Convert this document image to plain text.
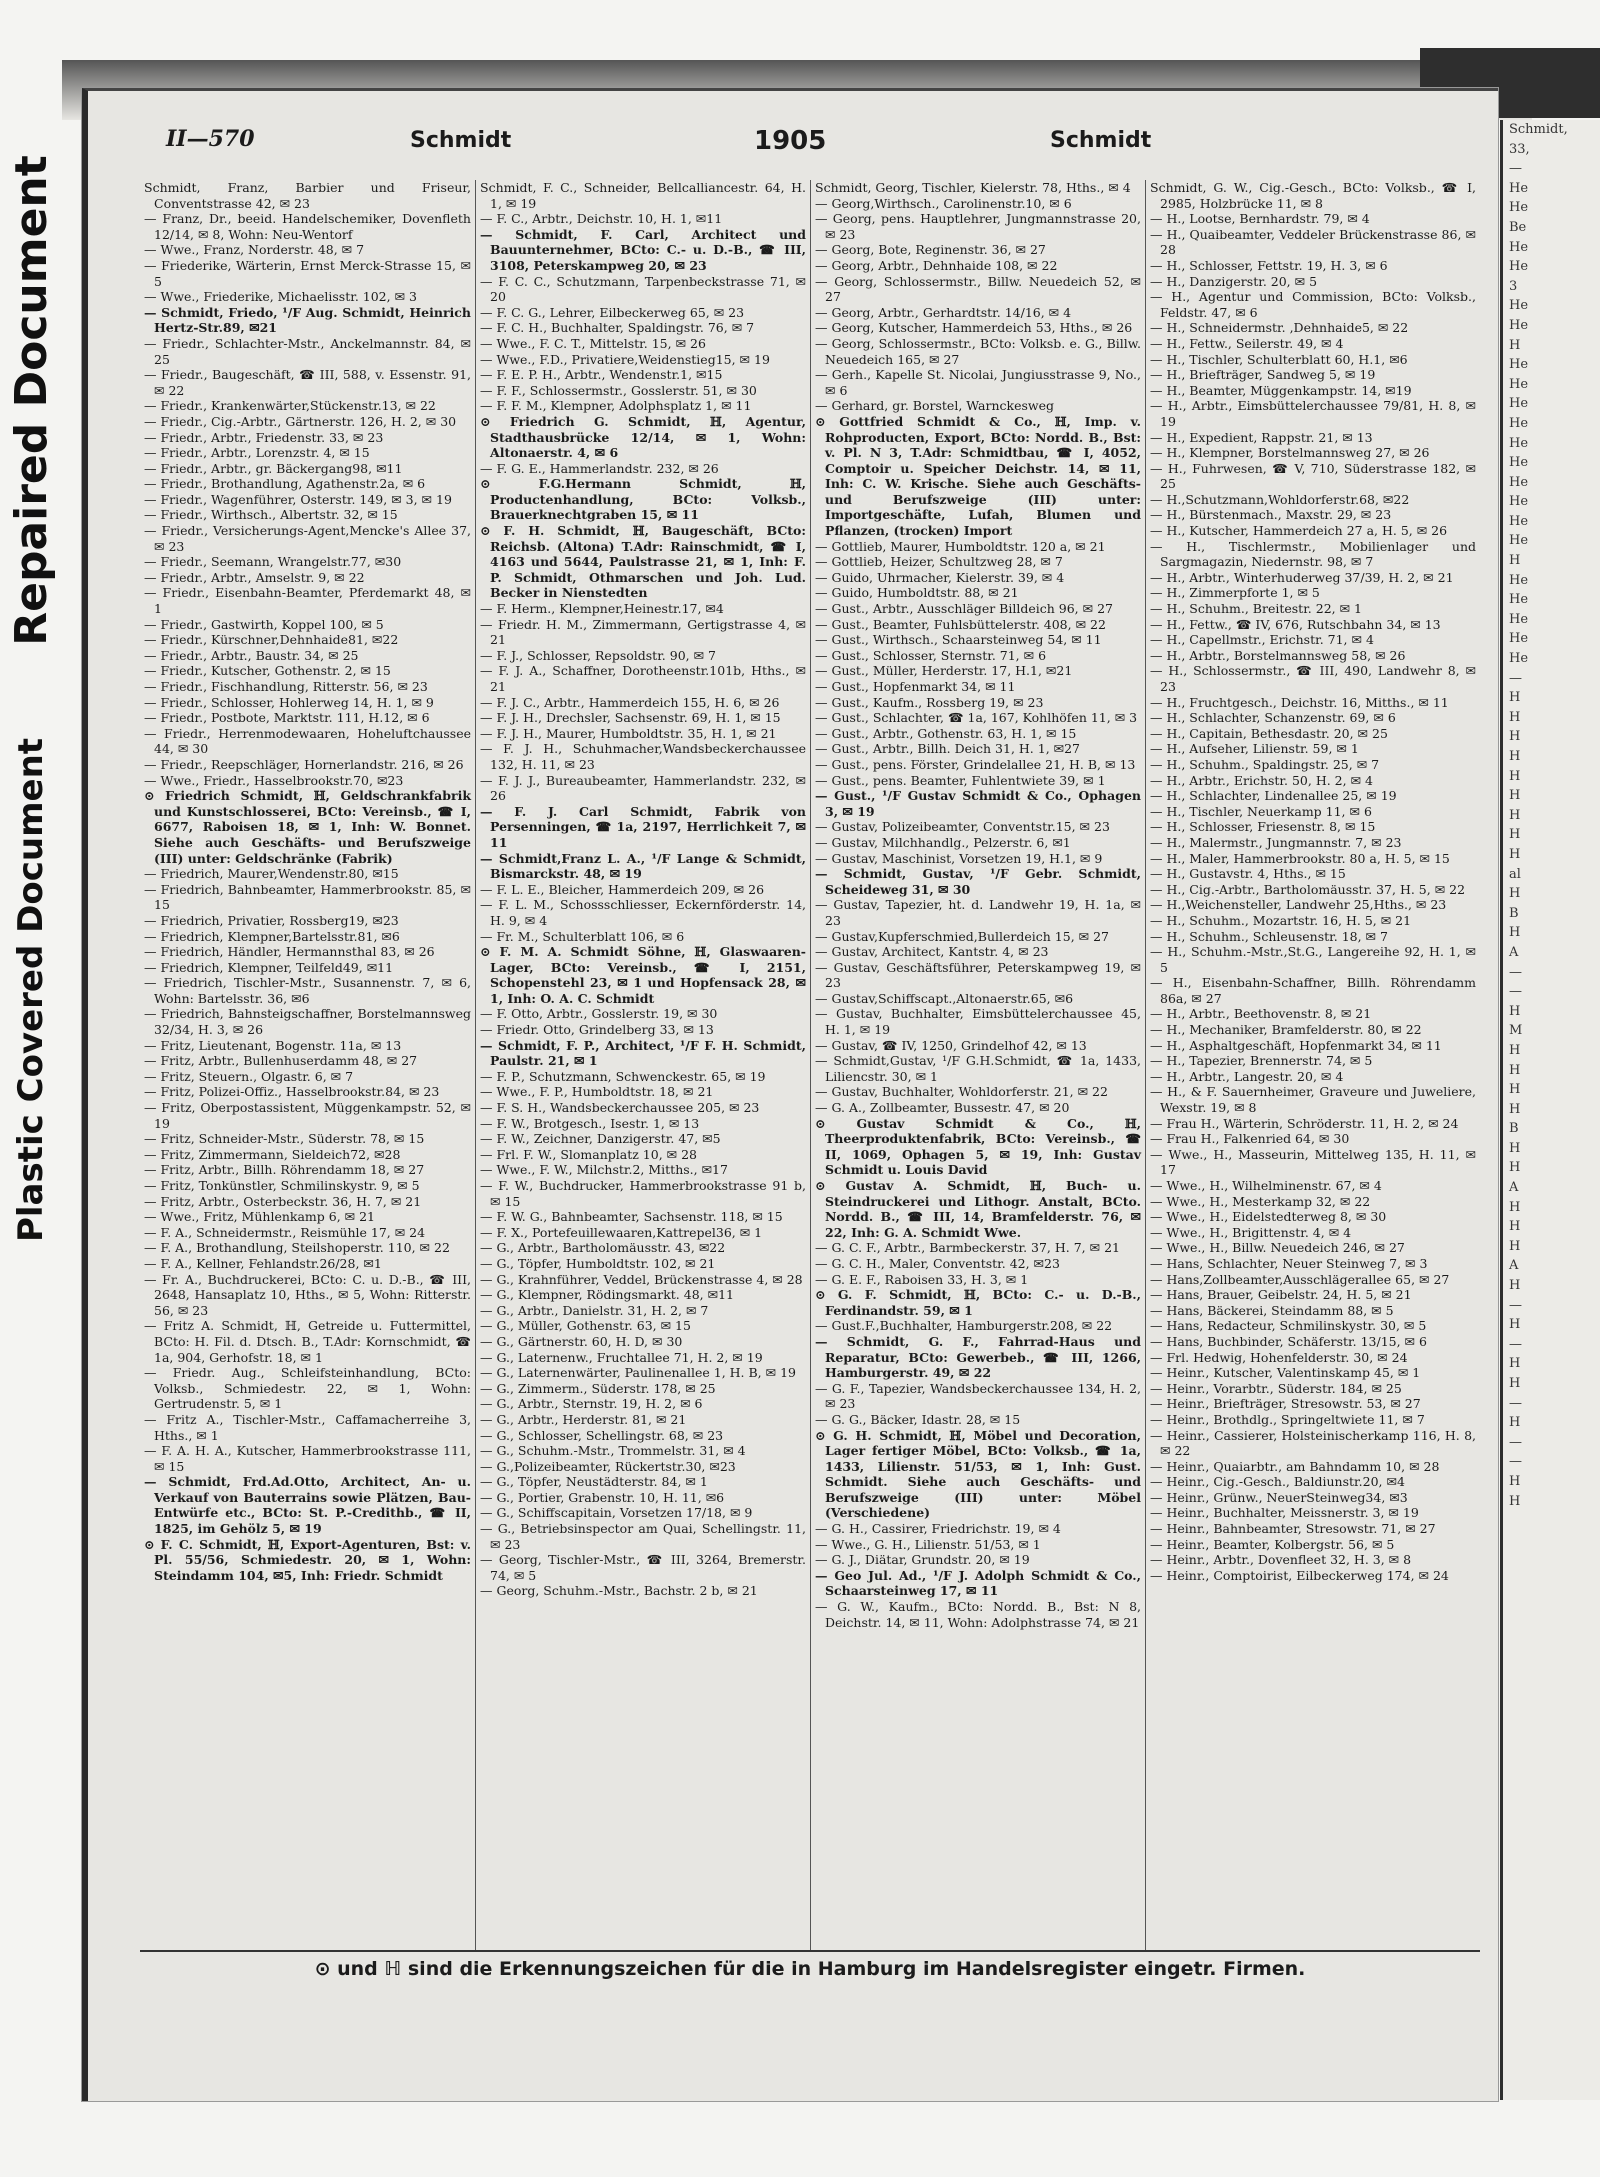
Repaired Document
Plastic Covered Document
Schmidt,
33,
—
He
He
Be
He
He
3
He
He
H
He
He
He
He
He
He
He
He
He
He
H
He
He
He
He
He
—
H
H
H
H
H
H
H
H
H
al
H
B
H
A
—
—
H
M
H
H
H
H
B
H
H
A
H
H
H
A
H
—
H
—
H
H
—
H
—
—
H
H
II—570	Schmidt	1905	Schmidt
Schmidt, Franz, Barbier und Friseur, Conventstrasse 42, ✉ 23
— Franz, Dr., beeid. Handelschemiker, Dovenfleth 12/14, ✉ 8, Wohn: Neu-Wentorf
— Wwe., Franz, Norderstr. 48, ✉ 7
— Friederike, Wärterin, Ernst Merck-Strasse 15, ✉ 5
— Wwe., Friederike, Michaelisstr. 102, ✉ 3
— Schmidt, Friedo, ¹/F Aug. Schmidt, Heinrich Hertz-Str.89, ✉21
— Friedr., Schlachter-Mstr., Anckelmannstr. 84, ✉ 25
— Friedr., Baugeschäft, ☎ III, 588, v. Essenstr. 91, ✉ 22
— Friedr., Krankenwärter,Stückenstr.13, ✉ 22
— Friedr., Cig.-Arbtr., Gärtnerstr. 126, H. 2, ✉ 30
— Friedr., Arbtr., Friedenstr. 33, ✉ 23
— Friedr., Arbtr., Lorenzstr. 4, ✉ 15
— Friedr., Arbtr., gr. Bäckergang98, ✉11
— Friedr., Brothandlung, Agathenstr.2a, ✉ 6
— Friedr., Wagenführer, Osterstr. 149, ✉ 3, ✉ 19
— Friedr., Wirthsch., Albertstr. 32, ✉ 15
— Friedr., Versicherungs-Agent,Mencke's Allee 37, ✉ 23
— Friedr., Seemann, Wrangelstr.77, ✉30
— Friedr., Arbtr., Amselstr. 9, ✉ 22
— Friedr., Eisenbahn-Beamter, Pferdemarkt 48, ✉ 1
— Friedr., Gastwirth, Koppel 100, ✉ 5
— Friedr., Kürschner,Dehnhaide81, ✉22
— Friedr., Arbtr., Baustr. 34, ✉ 25
— Friedr., Kutscher, Gothenstr. 2, ✉ 15
— Friedr., Fischhandlung, Ritterstr. 56, ✉ 23
— Friedr., Schlosser, Hohlerweg 14, H. 1, ✉ 9
— Friedr., Postbote, Marktstr. 111, H.12, ✉ 6
— Friedr., Herrenmodewaaren, Hoheluftchaussee 44, ✉ 30
— Friedr., Reepschläger, Hornerlandstr. 216, ✉ 26
— Wwe., Friedr., Hasselbrookstr.70, ✉23
⊙ Friedrich Schmidt, ℍ, Geldschrankfabrik und Kunstschlosserei, BCto: Vereinsb., ☎ I, 6677, Raboisen 18, ✉ 1, Inh: W. Bonnet. Siehe auch Geschäfts- und Berufszweige (III) unter: Geldschränke (Fabrik)
— Friedrich, Maurer,Wendenstr.80, ✉15
— Friedrich, Bahnbeamter, Hammerbrookstr. 85, ✉ 15
— Friedrich, Privatier, Rossberg19, ✉23
— Friedrich, Klempner,Bartelsstr.81, ✉6
— Friedrich, Händler, Hermannsthal 83, ✉ 26
— Friedrich, Klempner, Teilfeld49, ✉11
— Friedrich, Tischler-Mstr., Susannenstr. 7, ✉ 6, Wohn: Bartelsstr. 36, ✉6
— Friedrich, Bahnsteigschaffner, Borstelmannsweg 32/34, H. 3, ✉ 26
— Fritz, Lieutenant, Bogenstr. 11a, ✉ 13
— Fritz, Arbtr., Bullenhuserdamm 48, ✉ 27
— Fritz, Steuern., Olgastr. 6, ✉ 7
— Fritz, Polizei-Offiz., Hasselbrookstr.84, ✉ 23
— Fritz, Oberpostassistent, Müggenkampstr. 52, ✉ 19
— Fritz, Schneider-Mstr., Süderstr. 78, ✉ 15
— Fritz, Zimmermann, Sieldeich72, ✉28
— Fritz, Arbtr., Billh. Röhrendamm 18, ✉ 27
— Fritz, Tonkünstler, Schmilinskystr. 9, ✉ 5
— Fritz, Arbtr., Osterbeckstr. 36, H. 7, ✉ 21
— Wwe., Fritz, Mühlenkamp 6, ✉ 21
— F. A., Schneidermstr., Reismühle 17, ✉ 24
— F. A., Brothandlung, Steilshoperstr. 110, ✉ 22
— F. A., Kellner, Fehlandstr.26/28, ✉1
— Fr. A., Buchdruckerei, BCto: C. u. D.-B., ☎ III, 2648, Hansaplatz 10, Hths., ✉ 5, Wohn: Ritterstr. 56, ✉ 23
— Fritz A. Schmidt, ℍ, Getreide u. Futtermittel, BCto: H. Fil. d. Dtsch. B., T.Adr: Kornschmidt, ☎ 1a, 904, Gerhofstr. 18, ✉ 1
— Friedr. Aug., Schleifsteinhandlung, BCto: Volksb., Schmiedestr. 22, ✉ 1, Wohn: Gertrudenstr. 5, ✉ 1
— Fritz A., Tischler-Mstr., Caffamacherreihe 3, Hths., ✉ 1
— F. A. H. A., Kutscher, Hammerbrookstrasse 111, ✉ 15
— Schmidt, Frd.Ad.Otto, Architect, An- u. Verkauf von Bauterrains sowie Plätzen, Bau-Entwürfe etc., BCto: St. P.-Credithb., ☎ II, 1825, im Gehölz 5, ✉ 19
⊙ F. C. Schmidt, ℍ, Export-Agenturen, Bst: v. Pl. 55/56, Schmiedestr. 20, ✉ 1, Wohn: Steindamm 104, ✉5, Inh: Friedr. Schmidt
Schmidt, F. C., Schneider, Bellcalliancestr. 64, H. 1, ✉ 19
— F. C., Arbtr., Deichstr. 10, H. 1, ✉11
— Schmidt, F. Carl, Architect und Bauunternehmer, BCto: C.- u. D.-B., ☎ III, 3108, Peterskampweg 20, ✉ 23
— F. C. C., Schutzmann, Tarpenbeckstrasse 71, ✉ 20
— F. C. G., Lehrer, Eilbeckerweg 65, ✉ 23
— F. C. H., Buchhalter, Spaldingstr. 76, ✉ 7
— Wwe., F. C. T., Mittelstr. 15, ✉ 26
— Wwe., F.D., Privatiere,Weidenstieg15, ✉ 19
— F. E. P. H., Arbtr., Wendenstr.1, ✉15
— F. F., Schlossermstr., Gosslerstr. 51, ✉ 30
— F. F. M., Klempner, Adolphsplatz 1, ✉ 11
⊙ Friedrich G. Schmidt, ℍ, Agentur, Stadthausbrücke 12/14, ✉ 1, Wohn: Altonaerstr. 4, ✉ 6
— F. G. E., Hammerlandstr. 232, ✉ 26
⊙ F.G.Hermann Schmidt, ℍ, Productenhandlung, BCto: Volksb., Brauerknechtgraben 15, ✉ 11
⊙ F. H. Schmidt, ℍ, Baugeschäft, BCto: Reichsb. (Altona) T.Adr: Rainschmidt, ☎ I, 4163 und 5644, Paulstrasse 21, ✉ 1, Inh: F. P. Schmidt, Othmarschen und Joh. Lud. Becker in Nienstedten
— F. Herm., Klempner,Heinestr.17, ✉4
— Friedr. H. M., Zimmermann, Gertigstrasse 4, ✉ 21
— F. J., Schlosser, Repsoldstr. 90, ✉ 7
— F. J. A., Schaffner, Dorotheenstr.101b, Hths., ✉ 21
— F. J. C., Arbtr., Hammerdeich 155, H. 6, ✉ 26
— F. J. H., Drechsler, Sachsenstr. 69, H. 1, ✉ 15
— F. J. H., Maurer, Humboldtstr. 35, H. 1, ✉ 21
— F. J. H., Schuhmacher,Wandsbeckerchaussee 132, H. 11, ✉ 23
— F. J. J., Bureaubeamter, Hammerlandstr. 232, ✉ 26
— F. J. Carl Schmidt, Fabrik von Persenningen, ☎ 1a, 2197, Herrlichkeit 7, ✉ 11
— Schmidt,Franz L. A., ¹/F Lange & Schmidt, Bismarckstr. 48, ✉ 19
— F. L. E., Bleicher, Hammerdeich 209, ✉ 26
— F. L. M., Schossschliesser, Eckernförderstr. 14, H. 9, ✉ 4
— Fr. M., Schulterblatt 106, ✉ 6
⊙ F. M. A. Schmidt Söhne, ℍ, Glaswaaren-Lager, BCto: Vereinsb., ☎ I, 2151, Schopenstehl 23, ✉ 1 und Hopfensack 28, ✉ 1, Inh: O. A. C. Schmidt
— F. Otto, Arbtr., Gosslerstr. 19, ✉ 30
— Friedr. Otto, Grindelberg 33, ✉ 13
— Schmidt, F. P., Architect, ¹/F F. H. Schmidt, Paulstr. 21, ✉ 1
— F. P., Schutzmann, Schwenckestr. 65, ✉ 19
— Wwe., F. P., Humboldtstr. 18, ✉ 21
— F. S. H., Wandsbeckerchaussee 205, ✉ 23
— F. W., Brotgesch., Isestr. 1, ✉ 13
— F. W., Zeichner, Danzigerstr. 47, ✉5
— Frl. F. W., Slomanplatz 10, ✉ 28
— Wwe., F. W., Milchstr.2, Mitths., ✉17
— F. W., Buchdrucker, Hammerbrookstrasse 91 b, ✉ 15
— F. W. G., Bahnbeamter, Sachsenstr. 118, ✉ 15
— F. X., Portefeuillewaaren,Kattrepel36, ✉ 1
— G., Arbtr., Bartholomäusstr. 43, ✉22
— G., Töpfer, Humboldtstr. 102, ✉ 21
— G., Krahnführer, Veddel, Brückenstrasse 4, ✉ 28
— G., Klempner, Rödingsmarkt. 48, ✉11
— G., Arbtr., Danielstr. 31, H. 2, ✉ 7
— G., Müller, Gothenstr. 63, ✉ 15
— G., Gärtnerstr. 60, H. D, ✉ 30
— G., Laternenw., Fruchtallee 71, H. 2, ✉ 19
— G., Laternenwärter, Paulinenallee 1, H. B, ✉ 19
— G., Zimmerm., Süderstr. 178, ✉ 25
— G., Arbtr., Sternstr. 19, H. 2, ✉ 6
— G., Arbtr., Herderstr. 81, ✉ 21
— G., Schlosser, Schellingstr. 68, ✉ 23
— G., Schuhm.-Mstr., Trommelstr. 31, ✉ 4
— G.,Polizeibeamter, Rückertstr.30, ✉23
— G., Töpfer, Neustädterstr. 84, ✉ 1
— G., Portier, Grabenstr. 10, H. 11, ✉6
— G., Schiffscapitain, Vorsetzen 17/18, ✉ 9
— G., Betriebsinspector am Quai, Schellingstr. 11, ✉ 23
— Georg, Tischler-Mstr., ☎ III, 3264, Bremerstr. 74, ✉ 5
— Georg, Schuhm.-Mstr., Bachstr. 2 b, ✉ 21
Schmidt, Georg, Tischler, Kielerstr. 78, Hths., ✉ 4
— Georg,Wirthsch., Carolinenstr.10, ✉ 6
— Georg, pens. Hauptlehrer, Jungmannstrasse 20, ✉ 23
— Georg, Bote, Reginenstr. 36, ✉ 27
— Georg, Arbtr., Dehnhaide 108, ✉ 22
— Georg, Schlossermstr., Billw. Neuedeich 52, ✉ 27
— Georg, Arbtr., Gerhardtstr. 14/16, ✉ 4
— Georg, Kutscher, Hammerdeich 53, Hths., ✉ 26
— Georg, Schlossermstr., BCto: Volksb. e. G., Billw. Neuedeich 165, ✉ 27
— Gerh., Kapelle St. Nicolai, Jungiusstrasse 9, No., ✉ 6
— Gerhard, gr. Borstel, Warnckesweg
⊙ Gottfried Schmidt & Co., ℍ, Imp. v. Rohproducten, Export, BCto: Nordd. B., Bst: v. Pl. N 3, T.Adr: Schmidtbau, ☎ I, 4052, Comptoir u. Speicher Deichstr. 14, ✉ 11, Inh: C. W. Krische. Siehe auch Geschäfts- und Berufszweige (III) unter: Importgeschäfte, Lufah, Blumen und Pflanzen, (trocken) Import
— Gottlieb, Maurer, Humboldtstr. 120 a, ✉ 21
— Gottlieb, Heizer, Schultzweg 28, ✉ 7
— Guido, Uhrmacher, Kielerstr. 39, ✉ 4
— Guido, Humboldtstr. 88, ✉ 21
— Gust., Arbtr., Ausschläger Billdeich 96, ✉ 27
— Gust., Beamter, Fuhlsbüttelerstr. 408, ✉ 22
— Gust., Wirthsch., Schaarsteinweg 54, ✉ 11
— Gust., Schlosser, Sternstr. 71, ✉ 6
— Gust., Müller, Herderstr. 17, H.1, ✉21
— Gust., Hopfenmarkt 34, ✉ 11
— Gust., Kaufm., Rossberg 19, ✉ 23
— Gust., Schlachter, ☎ 1a, 167, Kohlhöfen 11, ✉ 3
— Gust., Arbtr., Gothenstr. 63, H. 1, ✉ 15
— Gust., Arbtr., Billh. Deich 31, H. 1, ✉27
— Gust., pens. Förster, Grindelallee 21, H. B, ✉ 13
— Gust., pens. Beamter, Fuhlentwiete 39, ✉ 1
— Gust., ¹/F Gustav Schmidt & Co., Ophagen 3, ✉ 19
— Gustav, Polizeibeamter, Conventstr.15, ✉ 23
— Gustav, Milchhandlg., Pelzerstr. 6, ✉1
— Gustav, Maschinist, Vorsetzen 19, H.1, ✉ 9
— Schmidt, Gustav, ¹/F Gebr. Schmidt, Scheideweg 31, ✉ 30
— Gustav, Tapezier, ht. d. Landwehr 19, H. 1a, ✉ 23
— Gustav,Kupferschmied,Bullerdeich 15, ✉ 27
— Gustav, Architect, Kantstr. 4, ✉ 23
— Gustav, Geschäftsführer, Peterskampweg 19, ✉ 23
— Gustav,Schiffscapt.,Altonaerstr.65, ✉6
— Gustav, Buchhalter, Eimsbüttelerchaussee 45, H. 1, ✉ 19
— Gustav, ☎ IV, 1250, Grindelhof 42, ✉ 13
— Schmidt,Gustav, ¹/F G.H.Schmidt, ☎ 1a, 1433, Liliencstr. 30, ✉ 1
— Gustav, Buchhalter, Wohldorferstr. 21, ✉ 22
— G. A., Zollbeamter, Bussestr. 47, ✉ 20
⊙ Gustav Schmidt & Co., ℍ, Theerproduktenfabrik, BCto: Vereinsb., ☎ II, 1069, Ophagen 5, ✉ 19, Inh: Gustav Schmidt u. Louis David
⊙ Gustav A. Schmidt, ℍ, Buch- u. Steindruckerei und Lithogr. Anstalt, BCto. Nordd. B., ☎ III, 14, Bramfelderstr. 76, ✉ 22, Inh: G. A. Schmidt Wwe.
— G. C. F., Arbtr., Barmbeckerstr. 37, H. 7, ✉ 21
— G. C. H., Maler, Conventstr. 42, ✉23
— G. E. F., Raboisen 33, H. 3, ✉ 1
⊙ G. F. Schmidt, ℍ, BCto: C.- u. D.-B., Ferdinandstr. 59, ✉ 1
— Gust.F.,Buchhalter, Hamburgerstr.208, ✉ 22
— Schmidt, G. F., Fahrrad-Haus und Reparatur, BCto: Gewerbeb., ☎ III, 1266, Hamburgerstr. 49, ✉ 22
— G. F., Tapezier, Wandsbeckerchaussee 134, H. 2, ✉ 23
— G. G., Bäcker, Idastr. 28, ✉ 15
⊙ G. H. Schmidt, ℍ, Möbel und Decoration, Lager fertiger Möbel, BCto: Volksb., ☎ 1a, 1433, Lilienstr. 51/53, ✉ 1, Inh: Gust. Schmidt. Siehe auch Geschäfts- und Berufszweige (III) unter: Möbel (Verschiedene)
— G. H., Cassirer, Friedrichstr. 19, ✉ 4
— Wwe., G. H., Lilienstr. 51/53, ✉ 1
— G. J., Diätar, Grundstr. 20, ✉ 19
— Geo Jul. Ad., ¹/F J. Adolph Schmidt & Co., Schaarsteinweg 17, ✉ 11
— G. W., Kaufm., BCto: Nordd. B., Bst: N 8, Deichstr. 14, ✉ 11, Wohn: Adolphstrasse 74, ✉ 21
Schmidt, G. W., Cig.-Gesch., BCto: Volksb., ☎ I, 2985, Holzbrücke 11, ✉ 8
— H., Lootse, Bernhardstr. 79, ✉ 4
— H., Quaibeamter, Veddeler Brückenstrasse 86, ✉ 28
— H., Schlosser, Fettstr. 19, H. 3, ✉ 6
— H., Danzigerstr. 20, ✉ 5
— H., Agentur und Commission, BCto: Volksb., Feldstr. 47, ✉ 6
— H., Schneidermstr. ,Dehnhaide5, ✉ 22
— H., Fettw., Seilerstr. 49, ✉ 4
— H., Tischler, Schulterblatt 60, H.1, ✉6
— H., Briefträger, Sandweg 5, ✉ 19
— H., Beamter, Müggenkampstr. 14, ✉19
— H., Arbtr., Eimsbüttelerchaussee 79/81, H. 8, ✉ 19
— H., Expedient, Rappstr. 21, ✉ 13
— H., Klempner, Borstelmannsweg 27, ✉ 26
— H., Fuhrwesen, ☎ V, 710, Süderstrasse 182, ✉ 25
— H.,Schutzmann,Wohldorferstr.68, ✉22
— H., Bürstenmach., Maxstr. 29, ✉ 23
— H., Kutscher, Hammerdeich 27 a, H. 5, ✉ 26
— H., Tischlermstr., Mobilienlager und Sargmagazin, Niedernstr. 98, ✉ 7
— H., Arbtr., Winterhuderweg 37/39, H. 2, ✉ 21
— H., Zimmerpforte 1, ✉ 5
— H., Schuhm., Breitestr. 22, ✉ 1
— H., Fettw., ☎ IV, 676, Rutschbahn 34, ✉ 13
— H., Capellmstr., Erichstr. 71, ✉ 4
— H., Arbtr., Borstelmannsweg 58, ✉ 26
— H., Schlossermstr., ☎ III, 490, Landwehr 8, ✉ 23
— H., Fruchtgesch., Deichstr. 16, Mitths., ✉ 11
— H., Schlachter, Schanzenstr. 69, ✉ 6
— H., Capitain, Bethesdastr. 20, ✉ 25
— H., Aufseher, Lilienstr. 59, ✉ 1
— H., Schuhm., Spaldingstr. 25, ✉ 7
— H., Arbtr., Erichstr. 50, H. 2, ✉ 4
— H., Schlachter, Lindenallee 25, ✉ 19
— H., Tischler, Neuerkamp 11, ✉ 6
— H., Schlosser, Friesenstr. 8, ✉ 15
— H., Malermstr., Jungmannstr. 7, ✉ 23
— H., Maler, Hammerbrookstr. 80 a, H. 5, ✉ 15
— H., Gustavstr. 4, Hths., ✉ 15
— H., Cig.-Arbtr., Bartholomäusstr. 37, H. 5, ✉ 22
— H.,Weichensteller, Landwehr 25,Hths., ✉ 23
— H., Schuhm., Mozartstr. 16, H. 5, ✉ 21
— H., Schuhm., Schleusenstr. 18, ✉ 7
— H., Schuhm.-Mstr.,St.G., Langereihe 92, H. 1, ✉ 5
— H., Eisenbahn-Schaffner, Billh. Röhrendamm 86a, ✉ 27
— H., Arbtr., Beethovenstr. 8, ✉ 21
— H., Mechaniker, Bramfelderstr. 80, ✉ 22
— H., Asphaltgeschäft, Hopfenmarkt 34, ✉ 11
— H., Tapezier, Brennerstr. 74, ✉ 5
— H., Arbtr., Langestr. 20, ✉ 4
— H., & F. Sauernheimer, Graveure und Juweliere, Wexstr. 19, ✉ 8
— Frau H., Wärterin, Schröderstr. 11, H. 2, ✉ 24
— Frau H., Falkenried 64, ✉ 30
— Wwe., H., Masseurin, Mittelweg 135, H. 11, ✉ 17
— Wwe., H., Wilhelminenstr. 67, ✉ 4
— Wwe., H., Mesterkamp 32, ✉ 22
— Wwe., H., Eidelstedterweg 8, ✉ 30
— Wwe., H., Brigittenstr. 4, ✉ 4
— Wwe., H., Billw. Neuedeich 246, ✉ 27
— Hans, Schlachter, Neuer Steinweg 7, ✉ 3
— Hans,Zollbeamter,Ausschlägerallee 65, ✉ 27
— Hans, Brauer, Geibelstr. 24, H. 5, ✉ 21
— Hans, Bäckerei, Steindamm 88, ✉ 5
— Hans, Redacteur, Schmilinskystr. 30, ✉ 5
— Hans, Buchbinder, Schäferstr. 13/15, ✉ 6
— Frl. Hedwig, Hohenfelderstr. 30, ✉ 24
— Heinr., Kutscher, Valentinskamp 45, ✉ 1
— Heinr., Vorarbtr., Süderstr. 184, ✉ 25
— Heinr., Briefträger, Stresowstr. 53, ✉ 27
— Heinr., Brothdlg., Springeltwiete 11, ✉ 7
— Heinr., Cassierer, Holsteinischerkamp 116, H. 8, ✉ 22
— Heinr., Quaiarbtr., am Bahndamm 10, ✉ 28
— Heinr., Cig.-Gesch., Baldiunstr.20, ✉4
— Heinr., Grünw., NeuerSteinweg34, ✉3
— Heinr., Buchhalter, Meissnerstr. 3, ✉ 19
— Heinr., Bahnbeamter, Stresowstr. 71, ✉ 27
— Heinr., Beamter, Kolbergstr. 56, ✉ 5
— Heinr., Arbtr., Dovenfleet 32, H. 3, ✉ 8
— Heinr., Comptoirist, Eilbeckerweg 174, ✉ 24
⊙ und ℍ sind die Erkennungszeichen für die in Hamburg im Handelsregister eingetr. Firmen.
